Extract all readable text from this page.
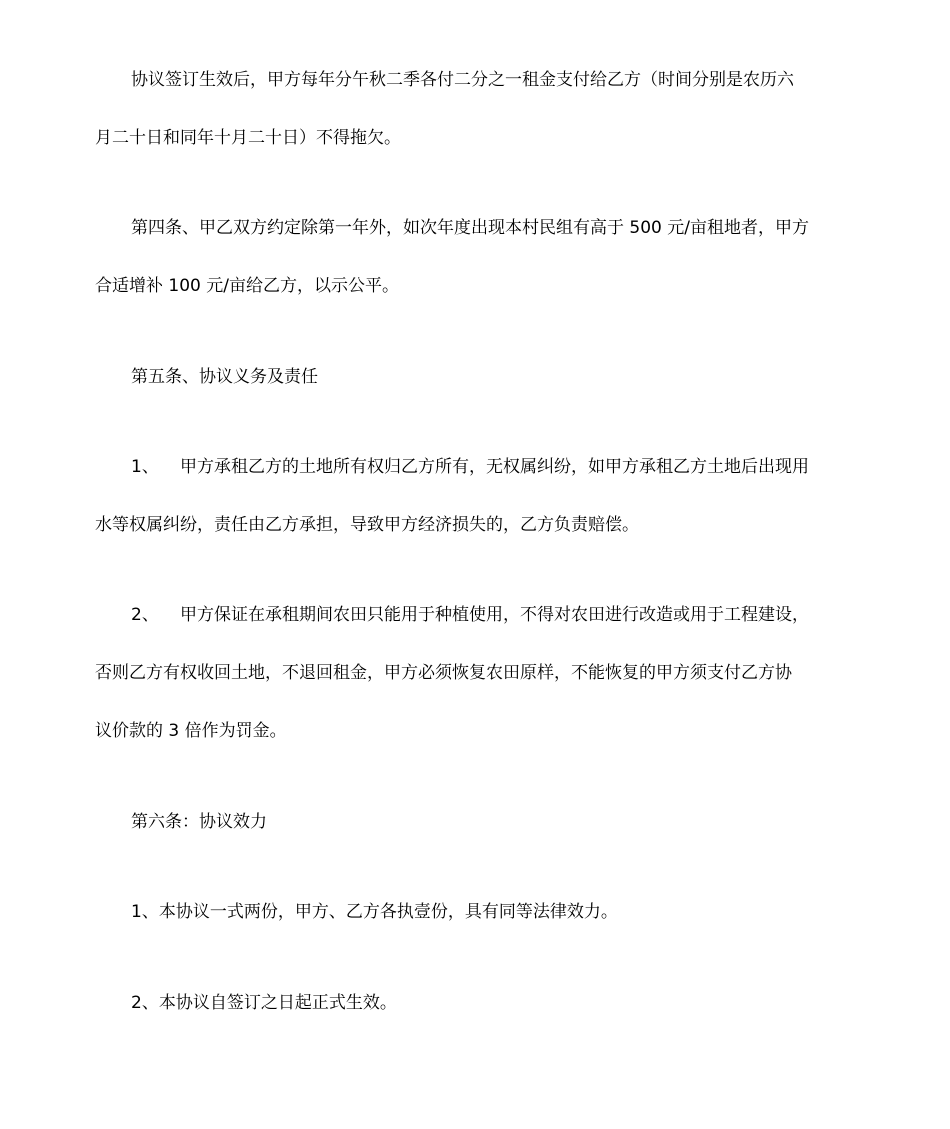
协议签订生效后，甲方每年分午秋二季各付二分之一租金支付给乙方（时间分别是农历六
月二十日和同年十月二十日）不得拖欠。
第四条、甲乙双方约定除第一年外，如次年度出现本村民组有高于 500 元/亩租地者，甲方
合适增补 100 元/亩给乙方，以示公平。
第五条、协议义务及责任
1、 甲方承租乙方的土地所有权归乙方所有，无权属纠纷，如甲方承租乙方土地后出现用
水等权属纠纷，责任由乙方承担，导致甲方经济损失的，乙方负责赔偿。
2、 甲方保证在承租期间农田只能用于种植使用，不得对农田进行改造或用于工程建设，
否则乙方有权收回土地，不退回租金，甲方必须恢复农田原样，不能恢复的甲方须支付乙方协
议价款的 3 倍作为罚金。
第六条：协议效力
1、本协议一式两份，甲方、乙方各执壹份，具有同等法律效力。
2、本协议自签订之日起正式生效。
